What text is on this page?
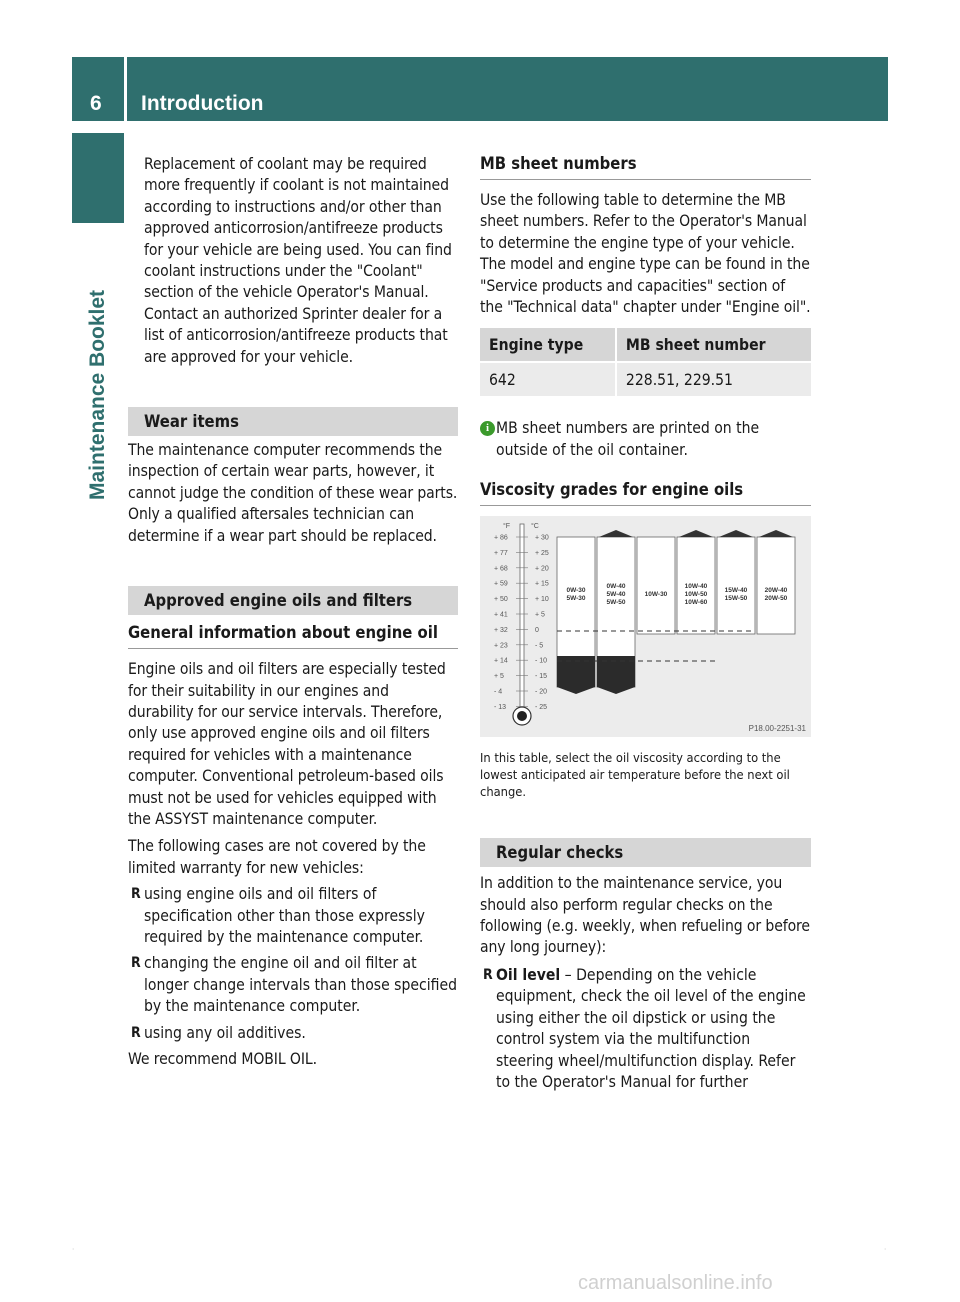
6 Introduction
Maintenance Booklet

Replacement of coolant may be required more frequently if coolant is not maintained according to instructions and/or other than approved anticorrosion/antifreeze products for your vehicle are being used. You can find coolant instructions under the "Coolant" section of the vehicle Operator's Manual. Contact an authorized Sprinter dealer for a list of anticorrosion/antifreeze products that are approved for your vehicle.

Wear items

The maintenance computer recommends the inspection of certain wear parts, however, it cannot judge the condition of these wear parts. Only a qualified aftersales technician can determine if a wear part should be replaced.

Approved engine oils and filters
General information about engine oil

Engine oils and oil filters are especially tested for their suitability in our engines and durability for our service intervals. Therefore, only use approved engine oils and oil filters required for vehicles with a maintenance computer. Conventional petroleum-based oils must not be used for vehicles equipped with the ASSYST maintenance computer.

The following cases are not covered by the limited warranty for new vehicles:

R using engine oils and oil filters of specification other than those expressly required by the maintenance computer.
R changing the engine oil and oil filter at longer change intervals than those specified by the maintenance computer.
R using any oil additives.

We recommend MOBIL OIL.

MB sheet numbers

Use the following table to determine the MB sheet numbers. Refer to the Operator's Manual to determine the engine type of your vehicle. The model and engine type can be found in the "Service products and capacities" section of the "Technical data" chapter under "Engine oil".

Engine type	MB sheet number
642	228.51, 229.51
i MB sheet numbers are printed on the outside of the oil container.
Viscosity grades for engine oils
°F	°C
+ 86	+ 30
+ 77	+ 25
+ 68	+ 20
+ 59	+ 15
+ 50	+ 10
+ 41	+ 5
+ 32	0
+ 23	- 5
+ 14	- 10
+ 5	- 15
- 4	- 20
- 13	- 25
0W-30
5W-30
0W-40
5W-40
5W-50
10W-30
10W-40
10W-50
10W-60
15W-40
15W-50
20W-40
20W-50
P18.00-2251-31

In this table, select the oil viscosity according to the lowest anticipated air temperature before the next oil change.

Regular checks

In addition to the maintenance service, you should also perform regular checks on the following (e.g. weekly, when refueling or before any long journey):

R Oil level – Depending on the vehicle equipment, check the oil level of the engine using either the oil dipstick or using the control system via the multifunction steering wheel/multifunction display. Refer to the Operator's Manual for further
·	·
carmanualsonline.info
